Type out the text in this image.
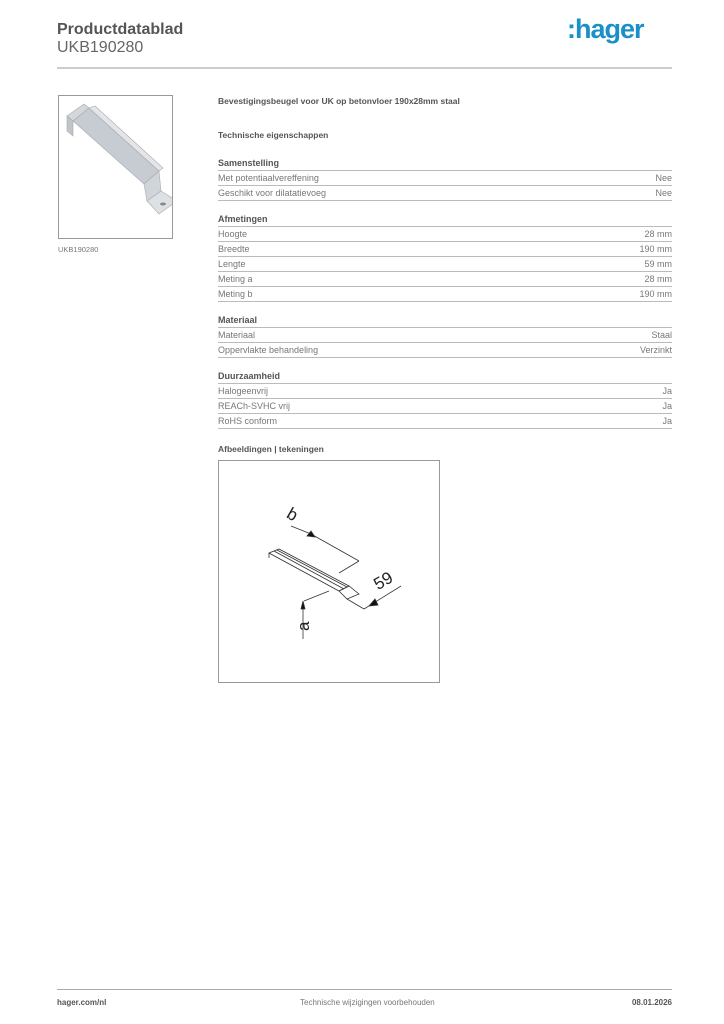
Productdatablad
UKB190280
:hager
UKB190280
Bevestigingsbeugel voor UK op betonvloer 190x28mm staal
Technische eigenschappen
Samenstelling
Met potentiaalvereffening	Nee
Geschikt voor dilatatievoeg	Nee
Afmetingen
Hoogte	28 mm
Breedte	190 mm
Lengte	59 mm
Meting a	28 mm
Meting b	190 mm
Materiaal
Materiaal	Staal
Oppervlakte behandeling	Verzinkt
Duurzaamheid
Halogeenvrij	Ja
REACh-SVHC vrij	Ja
RoHS conform	Ja
Afbeeldingen | tekeningen
b
59
a
hager.com/nl	Technische wijzigingen voorbehouden	08.01.2026
